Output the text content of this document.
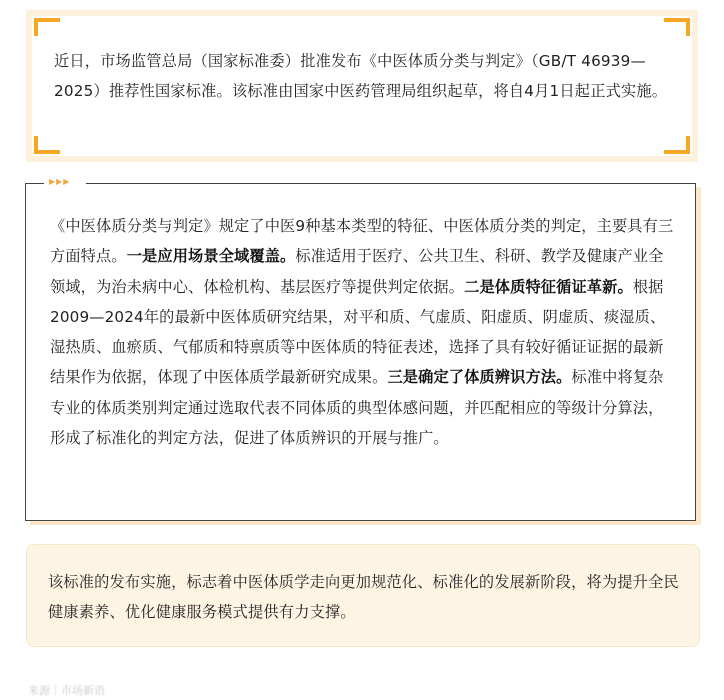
近日，市场监管总局（国家标准委）批准发布《中医体质分类与判定》（GB/T 46939—2025）推荐性国家标准。该标准由国家中医药管理局组织起草，将自4月1日起正式实施。

▶▶▶

《中医体质分类与判定》规定了中医9种基本类型的特征、中医体质分类的判定，主要具有三方面特点。一是应用场景全域覆盖。标准适用于医疗、公共卫生、科研、教学及健康产业全领域，为治未病中心、体检机构、基层医疗等提供判定依据。二是体质特征循证革新。根据2009—2024年的最新中医体质研究结果，对平和质、气虚质、阳虚质、阴虚质、痰湿质、湿热质、血瘀质、气郁质和特禀质等中医体质的特征表述，选择了具有较好循证证据的最新结果作为依据，体现了中医体质学最新研究成果。三是确定了体质辨识方法。标准中将复杂专业的体质类别判定通过选取代表不同体质的典型体感问题，并匹配相应的等级计分算法，形成了标准化的判定方法，促进了体质辨识的开展与推广。

该标准的发布实施，标志着中医体质学走向更加规范化、标准化的发展新阶段，将为提升全民健康素养、优化健康服务模式提供有力支撑。

来源｜市场新语
